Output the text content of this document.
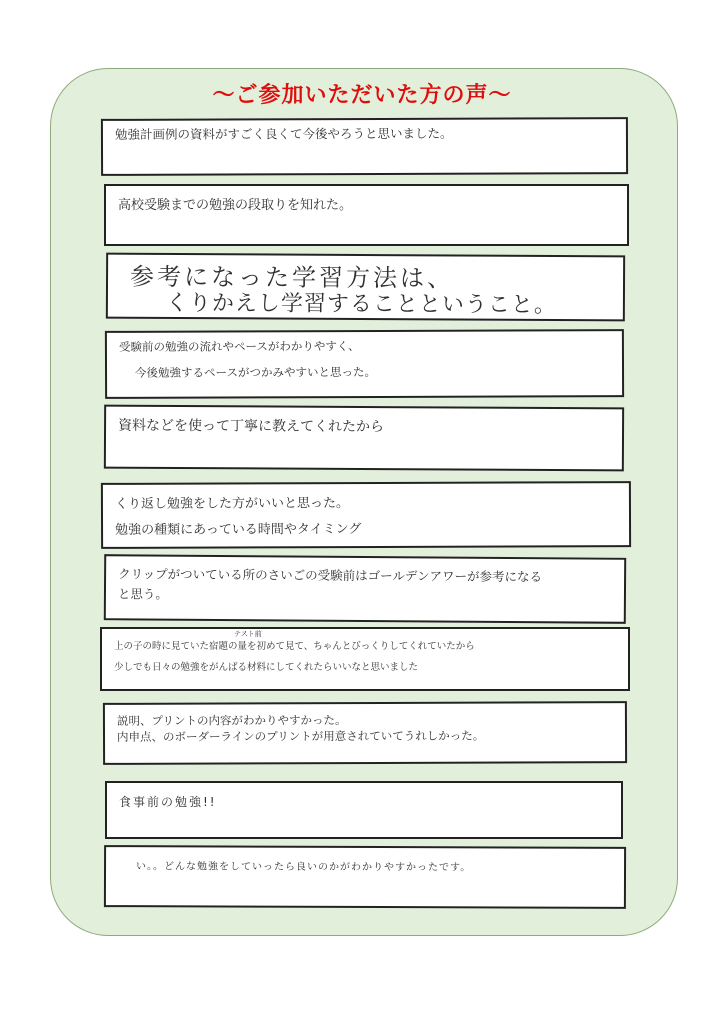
〜ご参加いただいた方の声〜
勉強計画例の資料がすごく良くて今後やろうと思いました。
高校受験までの勉強の段取りを知れた。
参考になった学習方法は、
くりかえし学習することということ。
受験前の勉強の流れやペースがわかりやすく、
今後勉強するペースがつかみやすいと思った。
資料などを使って丁寧に教えてくれたから
くり返し勉強をした方がいいと思った。
勉強の種類にあっている時間やタイミング
クリップがついている所のさいごの受験前はゴールデンアワーが参考になる
と思う。
テスト前
上の子の時に見ていた宿題の量を初めて見て、ちゃんとびっくりしてくれていたから
少しでも日々の勉強をがんばる材料にしてくれたらいいなと思いました
説明、プリントの内容がわかりやすかった。
内申点、のボーダーラインのプリントが用意されていてうれしかった。
食事前の勉強!!
い。。どんな勉強をしていったら良いのかがわかりやすかったです。
